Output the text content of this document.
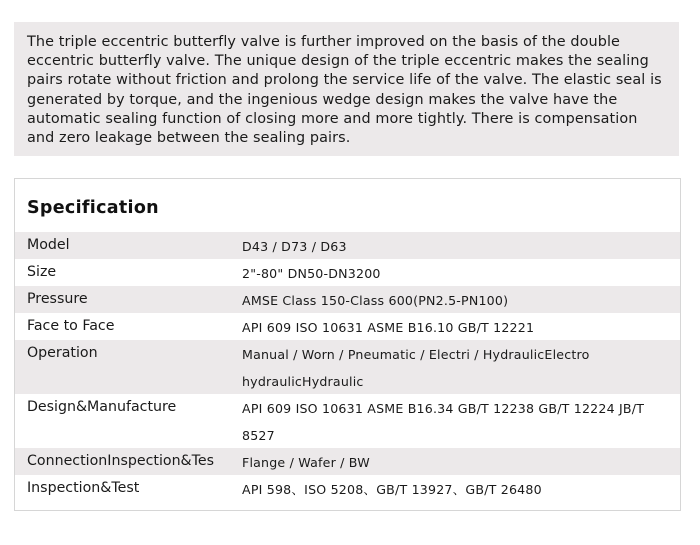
The triple eccentric butterfly valve is further improved on the basis of the double eccentric butterfly valve. The unique design of the triple eccentric makes the sealing pairs rotate without friction and prolong the service life of the valve. The elastic seal is generated by torque, and the ingenious wedge design makes the valve have the automatic sealing function of closing more and more tightly. There is compensation and zero leakage between the sealing pairs.
Specification
Model	D43 / D73 / D63
Size	2"-80" DN50-DN3200
Pressure	AMSE Class 150-Class 600(PN2.5-PN100)
Face to Face	API 609 ISO 10631 ASME B16.10 GB/T 12221
Operation	Manual / Worn / Pneumatic / Electri / HydraulicElectro hydraulicHydraulic
Design&Manufacture	API 609 ISO 10631 ASME B16.34 GB/T 12238 GB/T 12224 JB/T 8527
ConnectionInspection&Tes	Flange / Wafer / BW
Inspection&Test	API 598、ISO 5208、GB/T 13927、GB/T 26480
